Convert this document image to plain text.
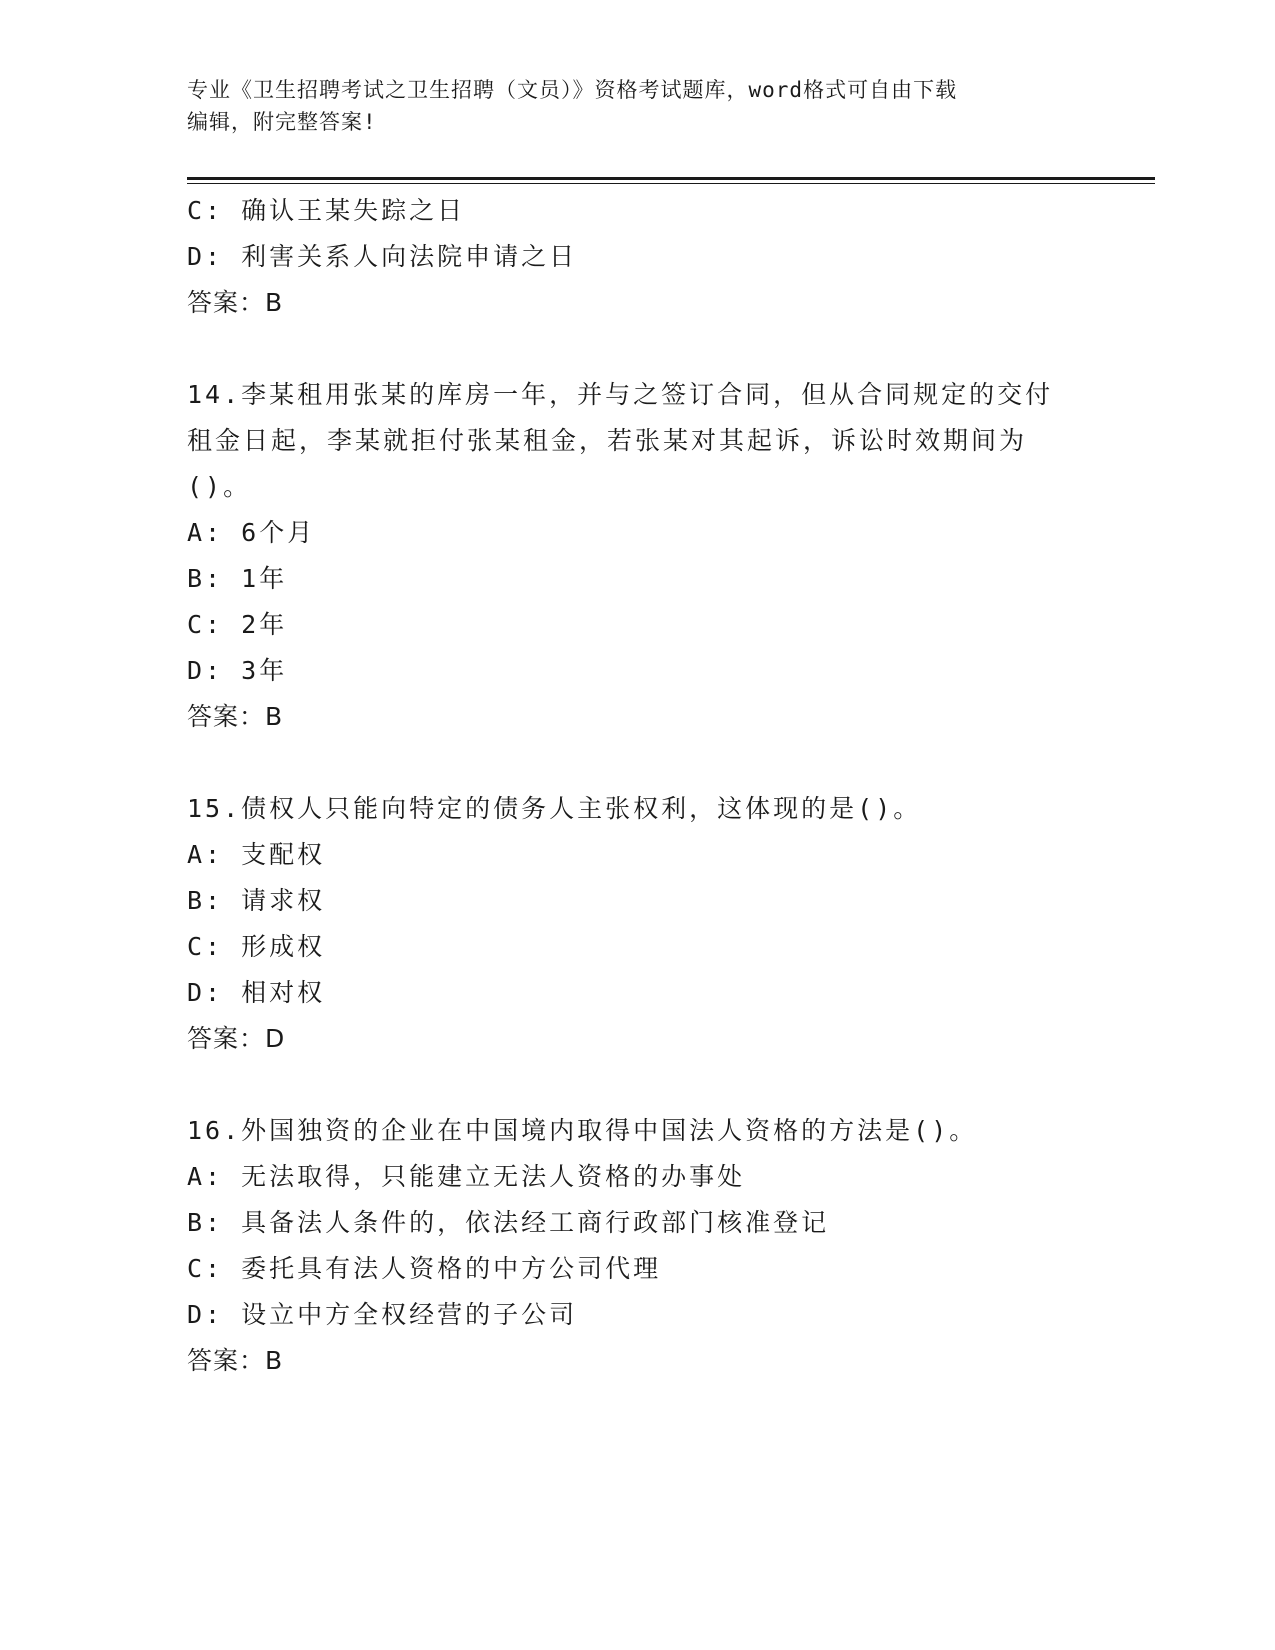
专业《卫生招聘考试之卫生招聘（文员）》资格考试题库，word格式可自由下载
编辑，附完整答案!
C: 确认王某失踪之日
D: 利害关系人向法院申请之日
答案：B
14.李某租用张某的库房一年，并与之签订合同，但从合同规定的交付
租金日起，李某就拒付张某租金，若张某对其起诉，诉讼时效期间为
()。
A: 6个月
B: 1年
C: 2年
D: 3年
答案：B
15.债权人只能向特定的债务人主张权利，这体现的是()。
A: 支配权
B: 请求权
C: 形成权
D: 相对权
答案：D
16.外国独资的企业在中国境内取得中国法人资格的方法是()。
A: 无法取得，只能建立无法人资格的办事处
B: 具备法人条件的，依法经工商行政部门核准登记
C: 委托具有法人资格的中方公司代理
D: 设立中方全权经营的子公司
答案：B
